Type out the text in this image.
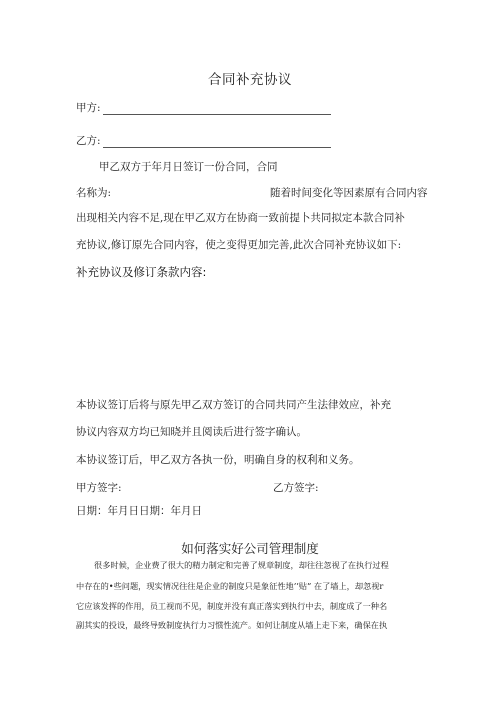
合同补充协议
甲方:
乙方:
甲乙双方于年月日签订一份合同，合同
名称为:	随着时间变化等因素原有合同内容
出现相关内容不足,现在甲乙双方在协商一致前提卜共同拟定本款合同补
充协议,修订原先合同内容，使之变得更加完善,此次合同补充协议如下:
补充协议及修订条款内容:
本协议签订后将与原先甲乙双方签订的合同共同产生法律效应，补充
协议内容双方均已知晓并且阅读后进行签字确认。
本协议签订后，甲乙双方各执一份，明确自身的权利和义务。
甲方签字:	乙方签字:
日期：年月日日期：年月日
如何落实好公司管理制度
很多时候，企业费了很大的精力制定和完善了规章制度，却往往忽视了在执行过程
中存在的•些问题，现实情况往往是企业的制度只是象征性地’’贴” 在了墙上，却忽视r
它应该发挥的作用，员工视而不见，制度并没有真正落实到执行中去，制度成了一种名
副其实的投设，最终导致制度执行力习惯性流产。如何让制度从墙上走下来，确保在执
